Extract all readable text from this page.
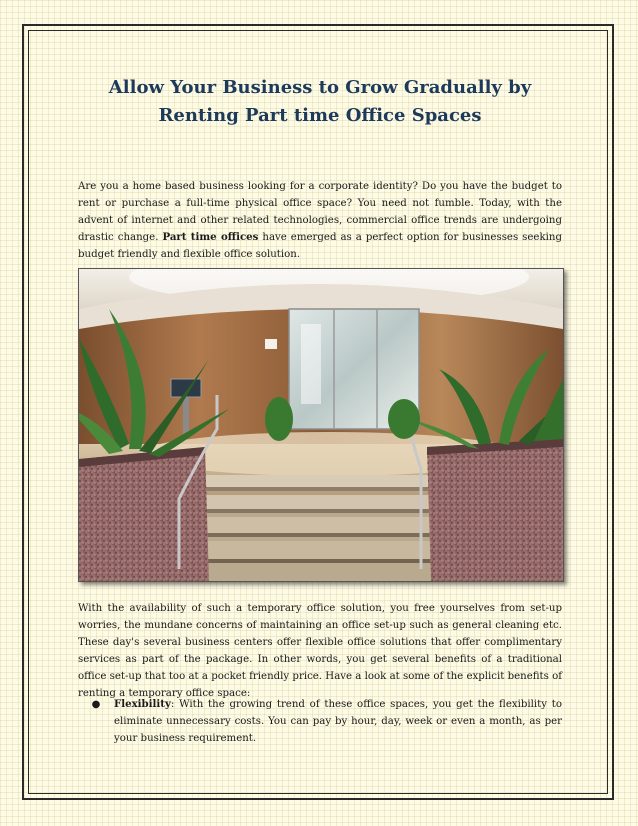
Allow Your Business to Grow Gradually by Renting Part time Office Spaces

Are you a home based business looking for a corporate identity? Do you have the budget to rent or purchase a full-time physical office space? You need not fumble. Today, with the advent of internet and other related technologies, commercial office trends are undergoing drastic change. Part time offices have emerged as a perfect option for businesses seeking budget friendly and flexible office solution.

With the availability of such a temporary office solution, you free yourselves from set-up worries, the mundane concerns of maintaining an office set-up such as general cleaning etc. These day's several business centers offer flexible office solutions that offer complimentary services as part of the package. In other words, you get several benefits of a traditional office set-up that too at a pocket friendly price. Have a look at some of the explicit benefits of renting a temporary office space:

●	Flexibility: With the growing trend of these office spaces, you get the flexibility to eliminate unnecessary costs. You can pay by hour, day, week or even a month, as per your business requirement.
